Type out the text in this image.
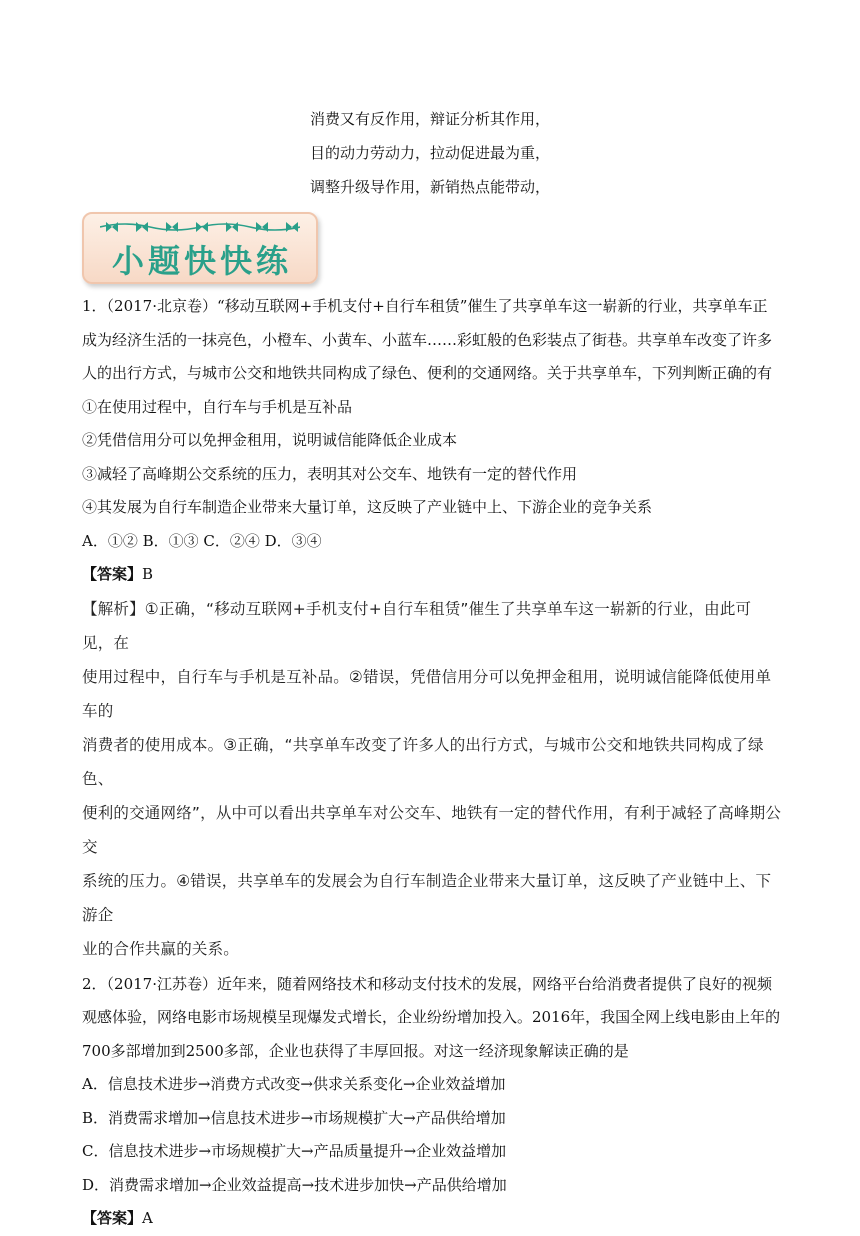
消费又有反作用，辩证分析其作用，
目的动力劳动力，拉动促进最为重，
调整升级导作用，新销热点能带动，
小题快快练

1．（2017·北京卷）“移动互联网+手机支付+自行车租赁”催生了共享单车这一崭新的行业，共享单车正

成为经济生活的一抹亮色，小橙车、小黄车、小蓝车……彩虹般的色彩装点了街巷。共享单车改变了许多

人的出行方式，与城市公交和地铁共同构成了绿色、便利的交通网络。关于共享单车，下列判断正确的有

①在使用过程中，自行车与手机是互补品

②凭借信用分可以免押金租用，说明诚信能降低企业成本

③减轻了高峰期公交系统的压力，表明其对公交车、地铁有一定的替代作用

④其发展为自行车制造企业带来大量订单，这反映了产业链中上、下游企业的竞争关系

A．①② B．①③ C．②④ D．③④

【答案】B

【解析】①正确，“移动互联网+手机支付+自行车租赁”催生了共享单车这一崭新的行业，由此可见，在

使用过程中，自行车与手机是互补品。②错误，凭借信用分可以免押金租用，说明诚信能降低使用单车的

消费者的使用成本。③正确，“共享单车改变了许多人的出行方式，与城市公交和地铁共同构成了绿色、

便利的交通网络”，从中可以看出共享单车对公交车、地铁有一定的替代作用，有利于减轻了高峰期公交

系统的压力。④错误，共享单车的发展会为自行车制造企业带来大量订单，这反映了产业链中上、下游企

业的合作共赢的关系。

2．（2017·江苏卷）近年来，随着网络技术和移动支付技术的发展，网络平台给消费者提供了良好的视频

观感体验，网络电影市场规模呈现爆发式增长，企业纷纷增加投入。2016年，我国全网上线电影由上年的

700多部增加到2500多部，企业也获得了丰厚回报。对这一经济现象解读正确的是

A．信息技术进步→消费方式改变→供求关系变化→企业效益增加

B．消费需求增加→信息技术进步→市场规模扩大→产品供给增加

C．信息技术进步→市场规模扩大→产品质量提升→企业效益增加

D．消费需求增加→企业效益提高→技术进步加快→产品供给增加

【答案】A
